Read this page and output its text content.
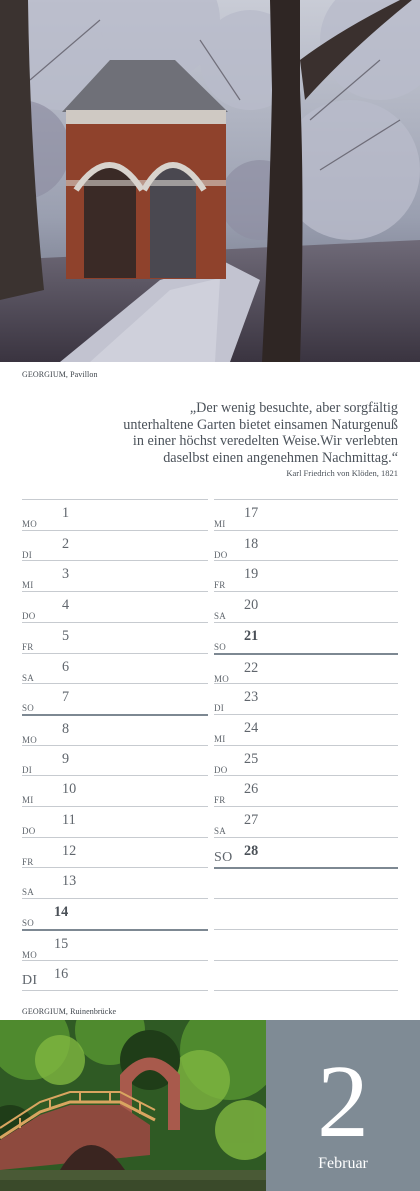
GEORGIUM, Pavillon
„Der wenig besuchte, aber sorgfältig
unterhaltene Garten bietet einsamen Naturgenuß
in einer höchst veredelten Weise.Wir verlebten
daselbst einen angenehmen Nachmittag.“
Karl Friedrich von Klöden, 1821
MO
1
DI
2
MI
3
DO
4
FR
5
SA
6
SO
7
MO
8
DI
9
MI
10
DO
11
FR
12
SA
13
SO
14
MO
15
DI 16
MI
17
DO
18
FR
19
SA
20
SO
21
MO
22
DI
23
MI
24
DO
25
FR
26
SA
27
SO 28
GEORGIUM, Ruinenbrücke
2
Februar
